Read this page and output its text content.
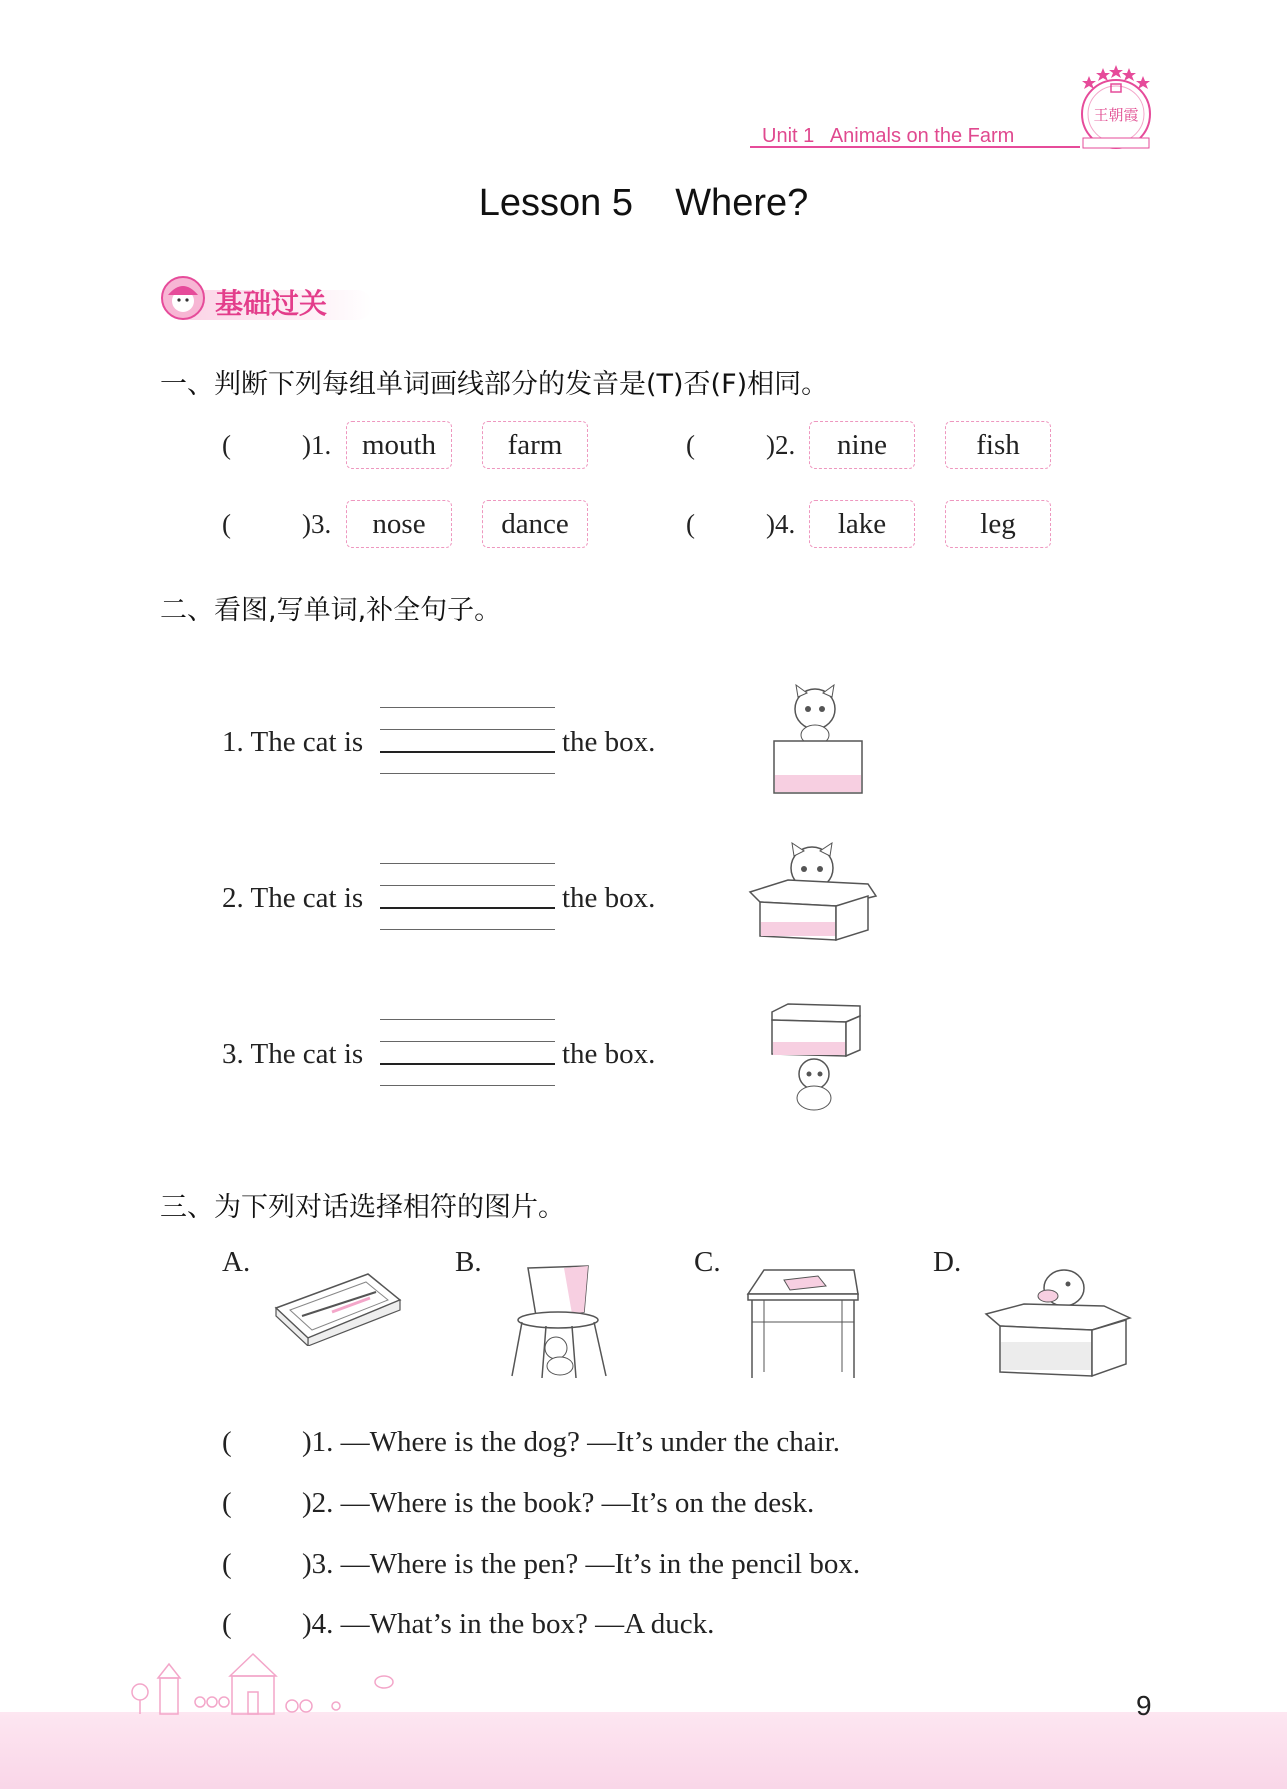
王朝霞
Unit 1   Animals on the Farm
Lesson 5    Where?
基础过关
一、判断下列每组单词画线部分的发音是(T)否(F)相同。
(	)1. mouth farm	(	)2. nine	fish
(	)3. nose	dance	(	)4. lake	leg
二、看图,写单词,补全句子。
1. The cat is	the box.
2. The cat is	the box.
3. The cat is	the box.
三、为下列对话选择相符的图片。
A.	B.	C.	D.
( )1. —Where is the dog? —It’s under the chair.
( )2. —Where is the book? —It’s on the desk.
( )3. —Where is the pen? —It’s in the pencil box.
( )4. —What’s in the box? —A duck.
9
